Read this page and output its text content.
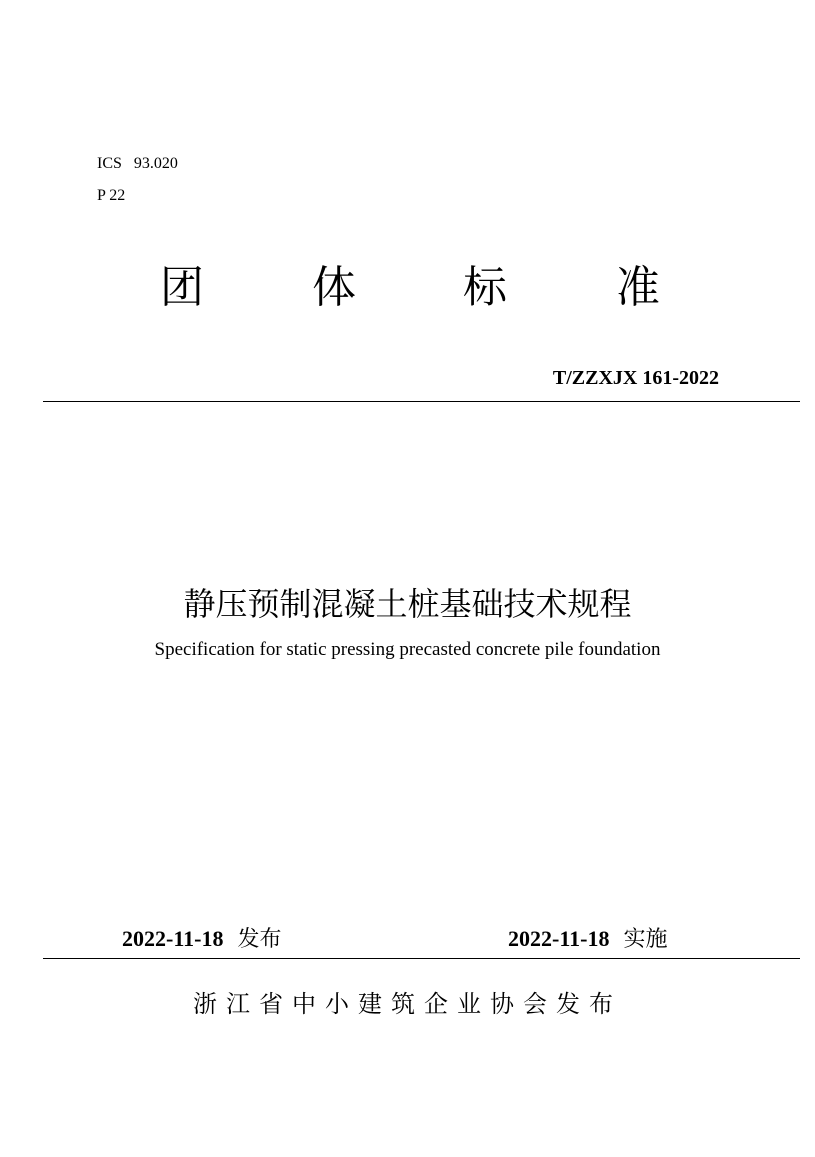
ICS   93.020
P 22
团 体 标 准
T/ZZXJX 161-2022
静压预制混凝土桩基础技术规程
Specification for static pressing precasted concrete pile foundation
2022-11-18 发布	2022-11-18 实施
浙江省中小建筑企业协会发布
